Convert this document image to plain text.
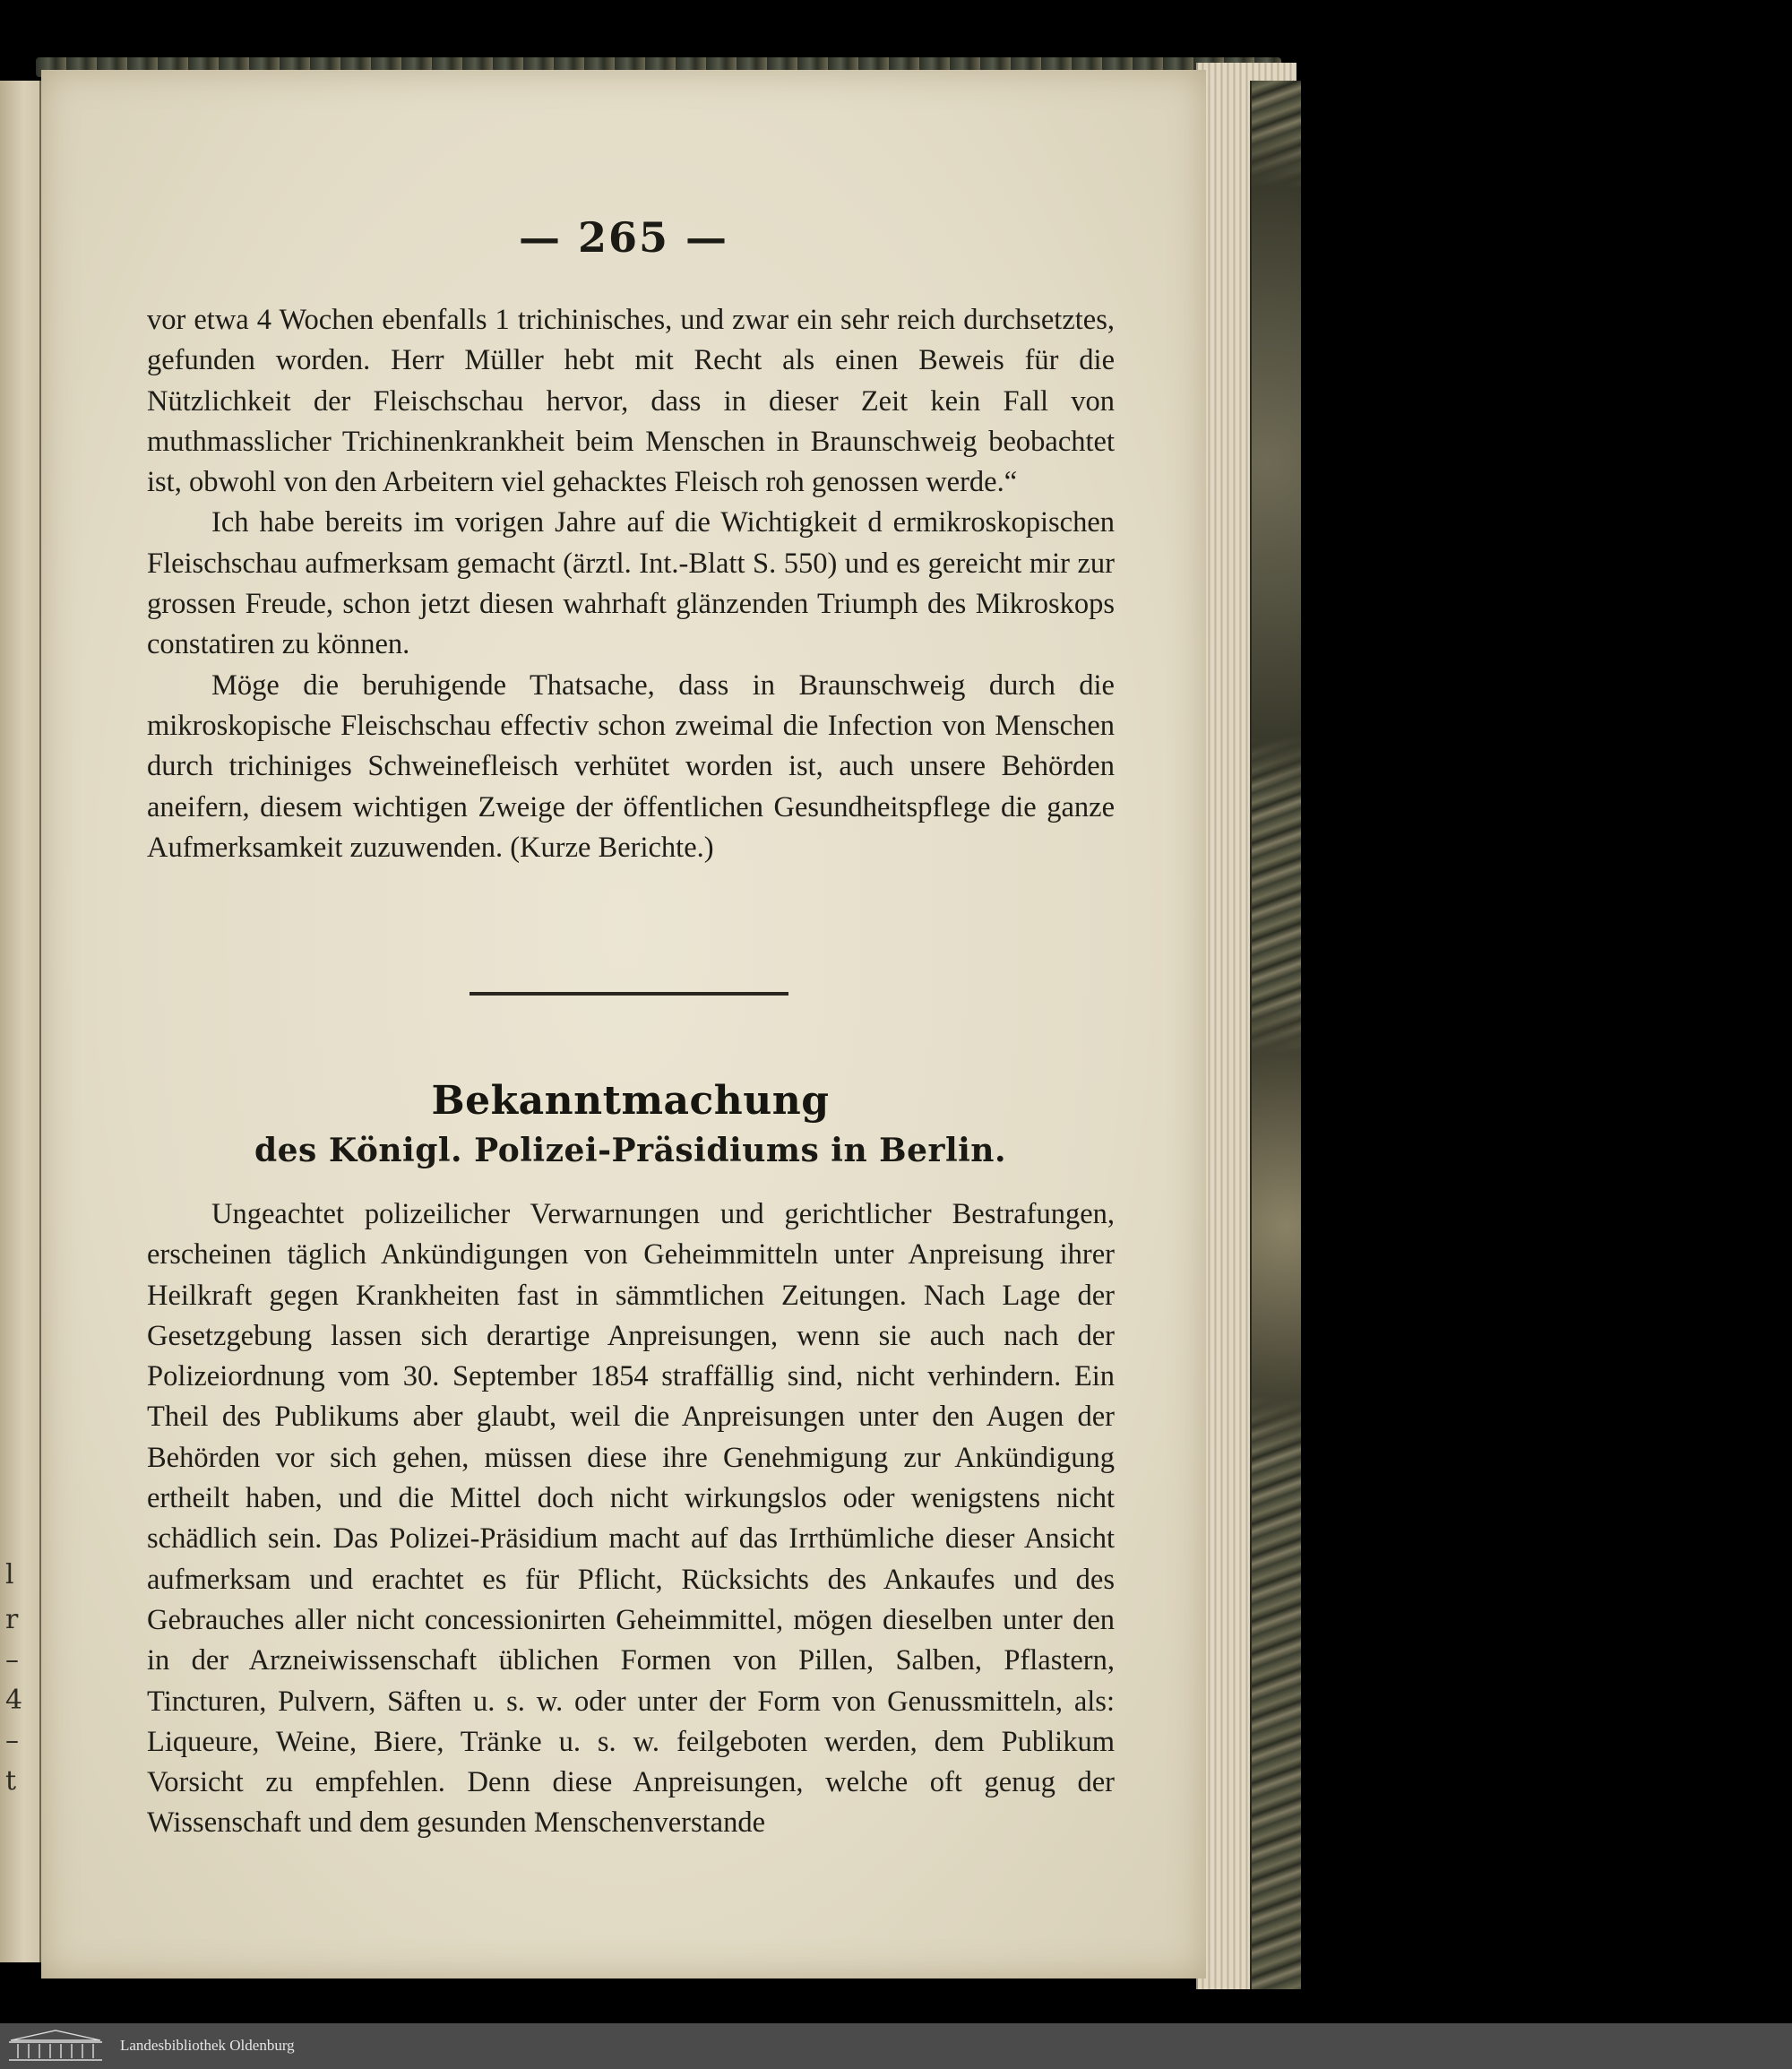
l
r
–
4
–
t
— 265 —

vor etwa 4 Wochen ebenfalls 1 trichinisches, und zwar ein sehr reich durchsetztes, gefunden worden. Herr Müller hebt mit Recht als einen Beweis für die Nützlichkeit der Fleischschau hervor, dass in dieser Zeit kein Fall von muthmasslicher Trichinenkrankheit beim Menschen in Braunschweig beobachtet ist, obwohl von den Arbeitern viel gehacktes Fleisch roh genossen werde.“

Ich habe bereits im vorigen Jahre auf die Wichtigkeit d ermikroskopischen Fleischschau aufmerksam gemacht (ärztl. Int.-Blatt S. 550) und es gereicht mir zur grossen Freude, schon jetzt diesen wahrhaft glänzenden Triumph des Mikroskops constatiren zu können.

Möge die beruhigende Thatsache, dass in Braunschweig durch die mikroskopische Fleischschau effectiv schon zweimal die Infection von Menschen durch trichiniges Schweinefleisch verhütet worden ist, auch unsere Behörden aneifern, diesem wichtigen Zweige der öffentlichen Gesundheitspflege die ganze Aufmerksamkeit zuzuwenden. (Kurze Berichte.)

Bekanntmachung
des Königl. Polizei-Präsidiums in Berlin.

Ungeachtet polizeilicher Verwarnungen und gerichtlicher Bestrafungen, erscheinen täglich Ankündigungen von Geheimmitteln unter Anpreisung ihrer Heilkraft gegen Krankheiten fast in sämmtlichen Zeitungen. Nach Lage der Gesetzgebung lassen sich derartige Anpreisungen, wenn sie auch nach der Polizeiordnung vom 30. September 1854 straffällig sind, nicht verhindern. Ein Theil des Publikums aber glaubt, weil die Anpreisungen unter den Augen der Behörden vor sich gehen, müssen diese ihre Genehmigung zur Ankündigung ertheilt haben, und die Mittel doch nicht wirkungslos oder wenigstens nicht schädlich sein. Das Polizei-Präsidium macht auf das Irrthümliche dieser Ansicht aufmerksam und erachtet es für Pflicht, Rücksichts des Ankaufes und des Gebrauches aller nicht concessionirten Geheimmittel, mögen dieselben unter den in der Arzneiwissenschaft üblichen Formen von Pillen, Salben, Pflastern, Tincturen, Pulvern, Säften u. s. w. oder unter der Form von Genussmitteln, als: Liqueure, Weine, Biere, Tränke u. s. w. feilgeboten werden, dem Publikum Vorsicht zu empfehlen. Denn diese Anpreisungen, welche oft genug der Wissenschaft und dem gesunden Menschenverstande

Landesbibliothek Oldenburg
